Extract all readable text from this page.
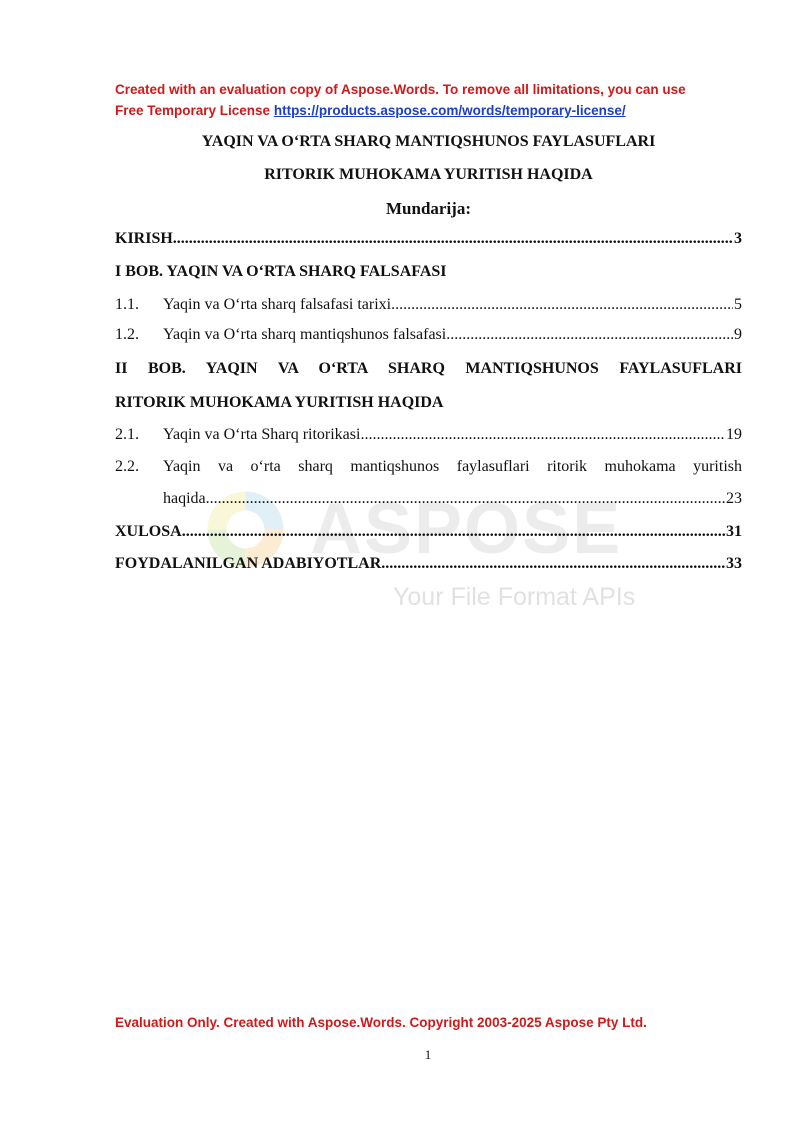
Created with an evaluation copy of Aspose.Words. To remove all limitations, you can use
Free Temporary License https://products.aspose.com/words/temporary-license/
ASPOSE
Your File Format APIs
YAQIN VA O‘RTA SHARQ MANTIQSHUNOS FAYLASUFLARI
RITORIK MUHOKAMA YURITISH HAQIDA
Mundarija:
KIRISH .....	3
I BOB. YAQIN VA O‘RTA SHARQ FALSAFASI
1.1.	Yaqin va O‘rta sharq falsafasi tarixi .....	5
1.2.	Yaqin va O‘rta sharq mantiqshunos falsafasi .....	9
II BOB. YAQIN VA O‘RTA SHARQ MANTIQSHUNOS FAYLASUFLARI
RITORIK MUHOKAMA YURITISH HAQIDA
2.1.	Yaqin va O‘rta Sharq ritorikasi .....	19
2.2.	Yaqin va o‘rta sharq mantiqshunos faylasuflari ritorik muhokama yuritish
haqida .....	23
XULOSA .....	31
FOYDALANILGAN ADABIYOTLAR .....	33
Evaluation Only. Created with Aspose.Words. Copyright 2003-2025 Aspose Pty Ltd.
1
